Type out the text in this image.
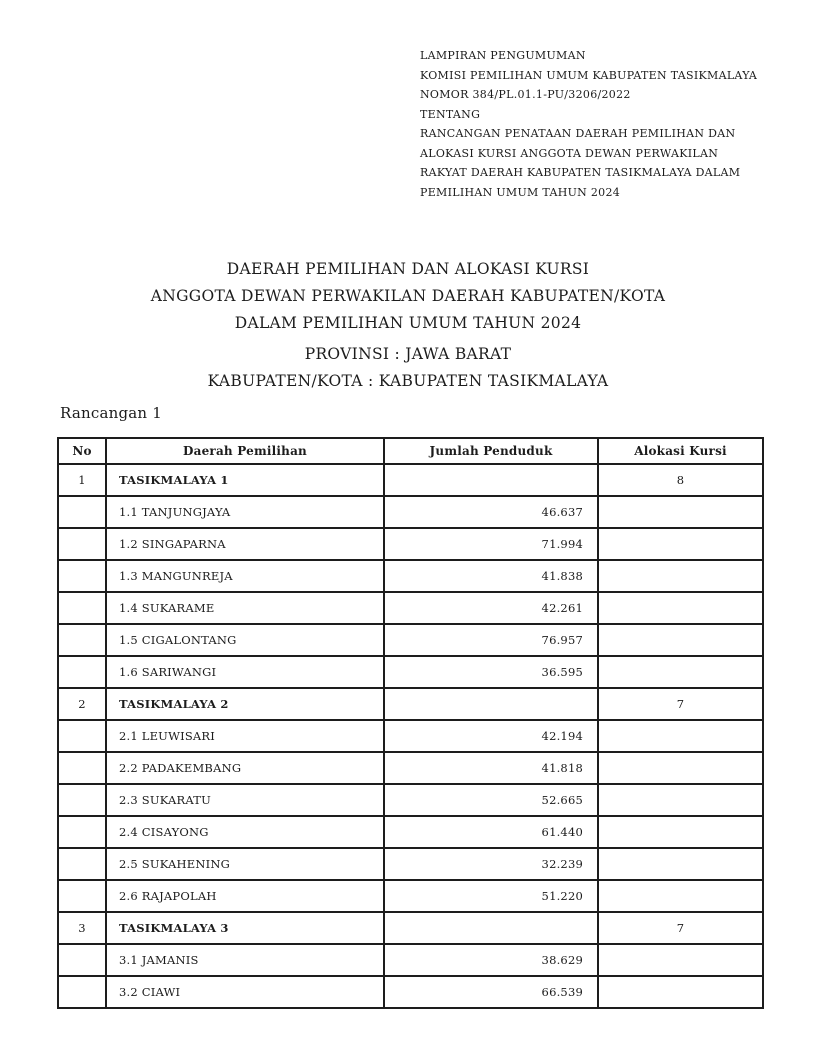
LAMPIRAN PENGUMUMAN
KOMISI PEMILIHAN UMUM KABUPATEN TASIKMALAYA
NOMOR 384/PL.01.1-PU/3206/2022
TENTANG
RANCANGAN PENATAAN DAERAH PEMILIHAN DAN
ALOKASI KURSI ANGGOTA DEWAN PERWAKILAN
RAKYAT DAERAH KABUPATEN TASIKMALAYA DALAM
PEMILIHAN UMUM TAHUN 2024
DAERAH PEMILIHAN DAN ALOKASI KURSI
ANGGOTA DEWAN PERWAKILAN DAERAH KABUPATEN/KOTA
DALAM PEMILIHAN UMUM TAHUN 2024
PROVINSI : JAWA BARAT
KABUPATEN/KOTA : KABUPATEN TASIKMALAYA
Rancangan 1
No	Daerah Pemilihan	Jumlah Penduduk	Alokasi Kursi
1	TASIKMALAYA 1		8
	1.1 TANJUNGJAYA	46.637	
	1.2 SINGAPARNA	71.994	
	1.3 MANGUNREJA	41.838	
	1.4 SUKARAME	42.261	
	1.5 CIGALONTANG	76.957	
	1.6 SARIWANGI	36.595	
2	TASIKMALAYA 2		7
	2.1 LEUWISARI	42.194	
	2.2 PADAKEMBANG	41.818	
	2.3 SUKARATU	52.665	
	2.4 CISAYONG	61.440	
	2.5 SUKAHENING	32.239	
	2.6 RAJAPOLAH	51.220	
3	TASIKMALAYA 3		7
	3.1 JAMANIS	38.629	
	3.2 CIAWI	66.539	
